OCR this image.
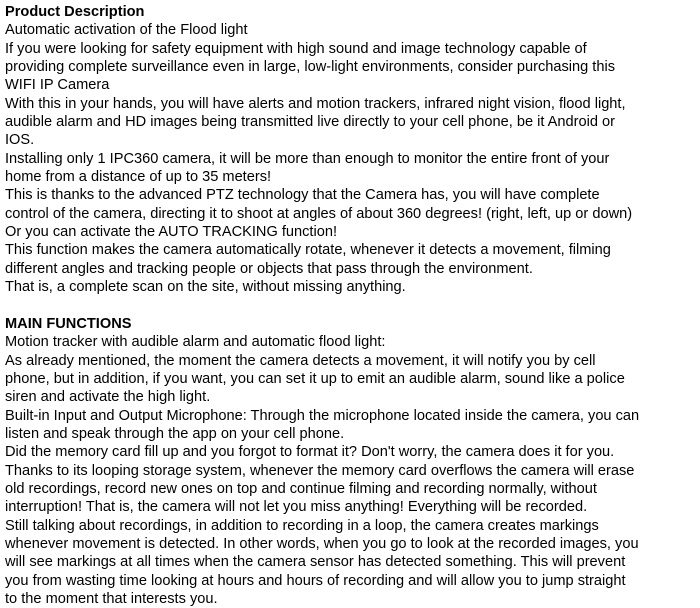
Product Description
Automatic activation of the Flood light
If you were looking for safety equipment with high sound and image technology capable of
providing complete surveillance even in large, low-light environments, consider purchasing this
WIFI IP Camera
With this in your hands, you will have alerts and motion trackers, infrared night vision, flood light,
audible alarm and HD images being transmitted live directly to your cell phone, be it Android or
IOS.
Installing only 1 IPC360 camera, it will be more than enough to monitor the entire front of your
home from a distance of up to 35 meters!
This is thanks to the advanced PTZ technology that the Camera has, you will have complete
control of the camera, directing it to shoot at angles of about 360 degrees! (right, left, up or down)
Or you can activate the AUTO TRACKING function!
This function makes the camera automatically rotate, whenever it detects a movement, filming
different angles and tracking people or objects that pass through the environment.
That is, a complete scan on the site, without missing anything.
MAIN FUNCTIONS
Motion tracker with audible alarm and automatic flood light:
As already mentioned, the moment the camera detects a movement, it will notify you by cell
phone, but in addition, if you want, you can set it up to emit an audible alarm, sound like a police
siren and activate the high light.
Built-in Input and Output Microphone: Through the microphone located inside the camera, you can
listen and speak through the app on your cell phone.
Did the memory card fill up and you forgot to format it? Don't worry, the camera does it for you.
Thanks to its looping storage system, whenever the memory card overflows the camera will erase
old recordings, record new ones on top and continue filming and recording normally, without
interruption! That is, the camera will not let you miss anything! Everything will be recorded.
Still talking about recordings, in addition to recording in a loop, the camera creates markings
whenever movement is detected. In other words, when you go to look at the recorded images, you
will see markings at all times when the camera sensor has detected something. This will prevent
you from wasting time looking at hours and hours of recording and will allow you to jump straight
to the moment that interests you.
